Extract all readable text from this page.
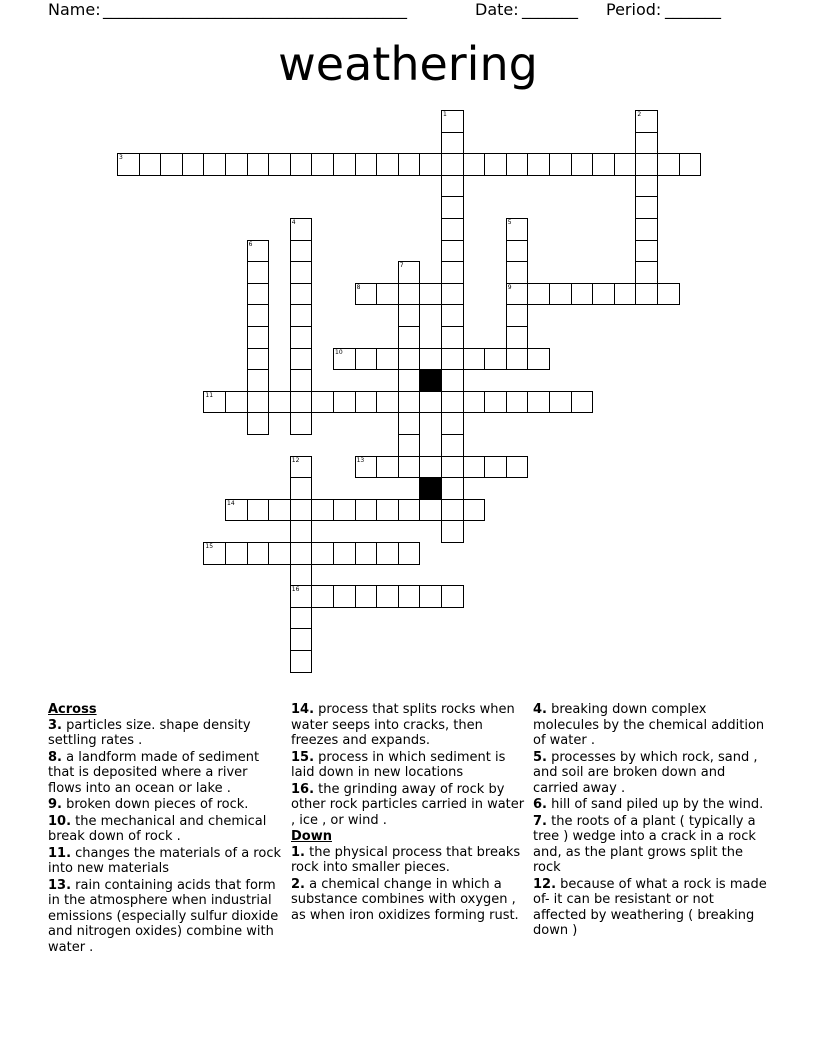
Name: ______________________________________	Date: _______ Period: _______
weathering
3
1	2
4	5
9
6
7
8
10
11
12
16
13
14
15
Across
3. particles size. shape density settling rates .
8. a landform made of sediment that is deposited where a river flows into an ocean or lake .
9. broken down pieces of rock.
10. the mechanical and chemical break down of rock .
11. changes the materials of a rock into new materials
13. rain containing acids that form in the atmosphere when industrial emissions (especially sulfur dioxide and nitrogen oxides) combine with water .
14. process that splits rocks when water seeps into cracks, then freezes and expands.
15. process in which sediment is laid down in new locations
16. the grinding away of rock by other rock particles carried in water , ice , or wind .
Down
1. the physical process that breaks rock into smaller pieces.
2. a chemical change in which a substance combines with oxygen , as when iron oxidizes forming rust.
4. breaking down complex molecules by the chemical addition of water .
5. processes by which rock, sand , and soil are broken down and carried away .
6. hill of sand piled up by the wind.
7. the roots of a plant ( typically a tree ) wedge into a crack in a rock and, as the plant grows split the rock
12. because of what a rock is made of- it can be resistant or not affected by weathering ( breaking down )
